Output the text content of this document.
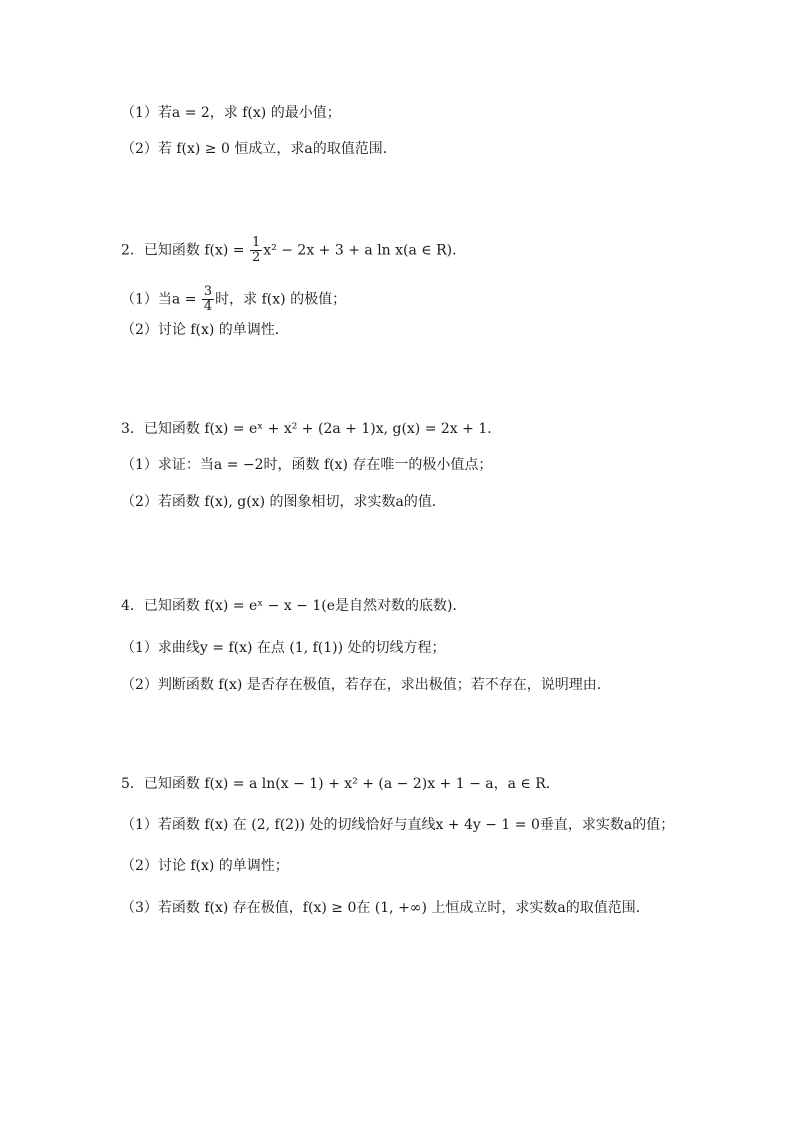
（1）若a = 2，求 f(x) 的最小值；
（2）若 f(x) ≥ 0 恒成立，求a的取值范围．
2．已知函数 $f(x) = \frac{1}{2} x^2 - 2x + 3 + a$ ln x(a ∈ R)．
（1）当$a = \frac{3}{4}$ 时，求 f(x) 的极值；
（2）讨论 f(x) 的单调性．
3．已知函数 f(x) = eˣ + x² + (2a + 1)x, g(x) = 2x + 1．
（1）求证：当a = −2时，函数 f(x) 存在唯一的极小值点；
（2）若函数 f(x), g(x) 的图象相切，求实数a的值．
4．已知函数 f(x) = eˣ − x − 1(e是自然对数的底数)．
（1）求曲线y = f(x) 在点 (1, f(1)) 处的切线方程；
（2）判断函数 f(x) 是否存在极值，若存在，求出极值；若不存在，说明理由．
5．已知函数 f(x) = a ln(x − 1) + x² + (a − 2)x + 1 − a，a ∈ R．
（1）若函数 f(x) 在 (2, f(2)) 处的切线恰好与直线x + 4y − 1 = 0垂直，求实数a的值；
（2）讨论 f(x) 的单调性；
（3）若函数 f(x) 存在极值，f(x) ≥ 0在 (1, +∞) 上恒成立时，求实数a的取值范围．
